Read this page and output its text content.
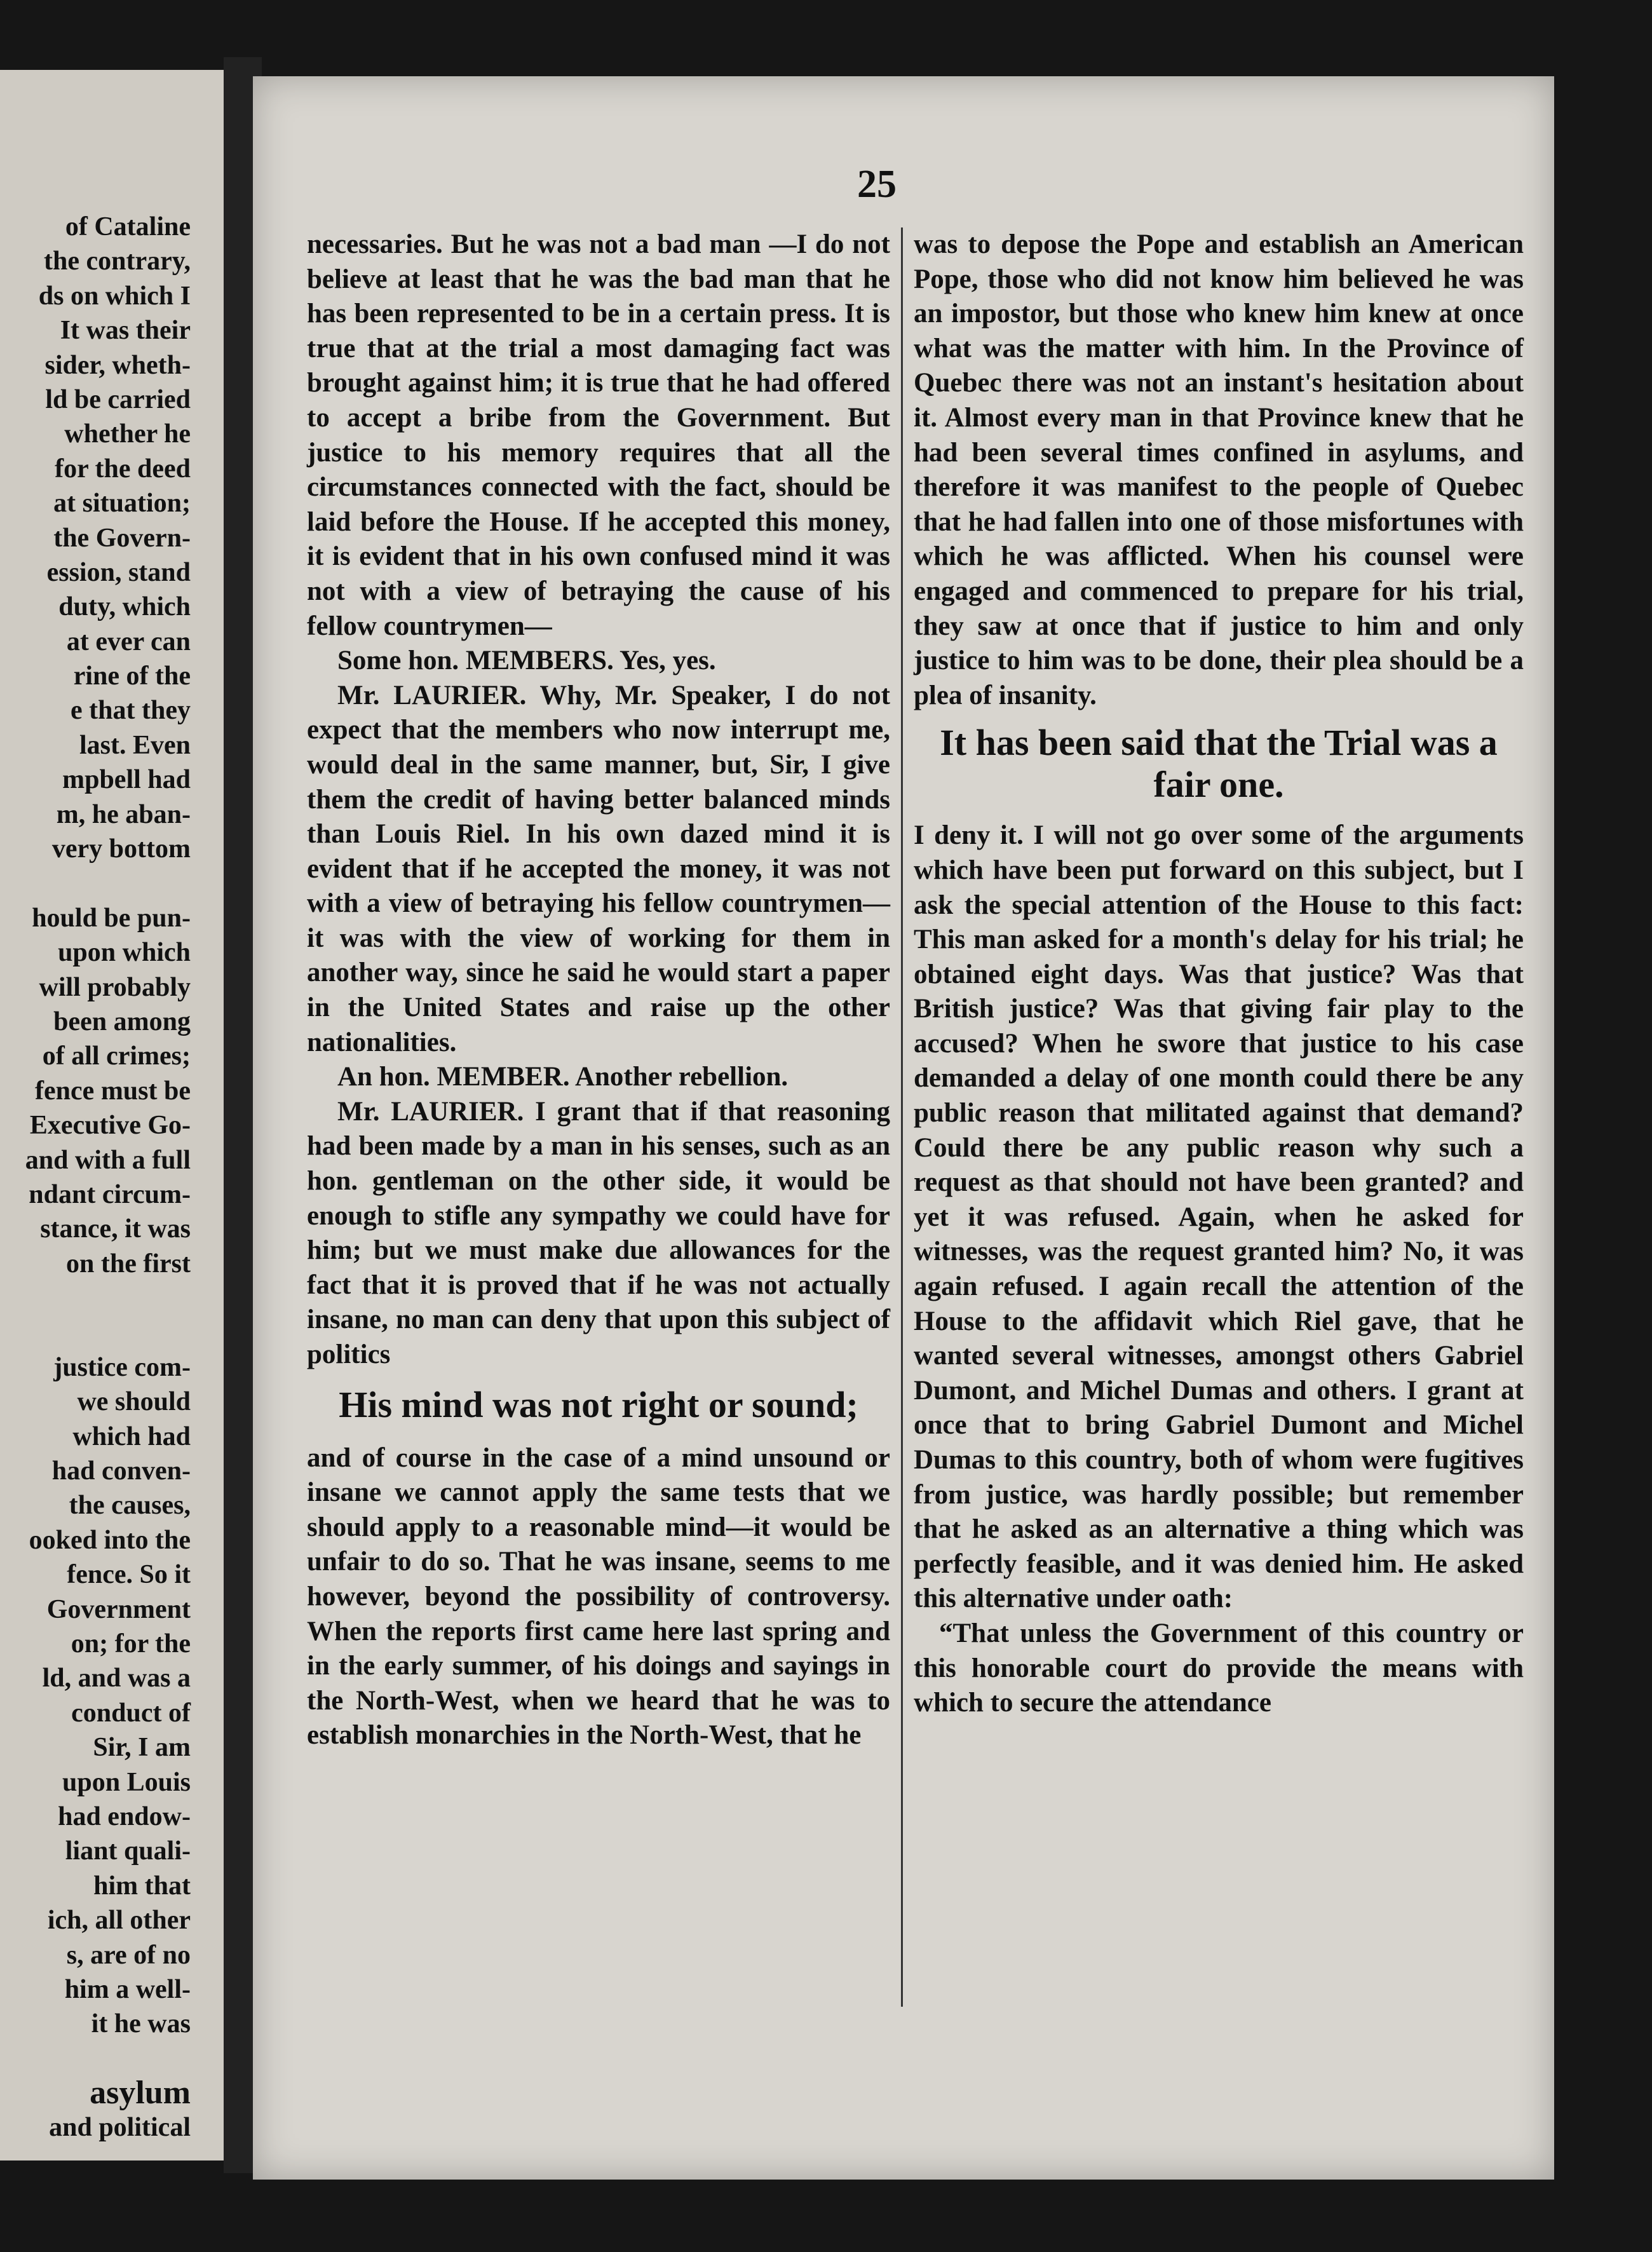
of Cataline
the contrary,
ds on which I
It was their
sider, wheth-
ld be carried
whether he
for the deed
at situation;
the Govern-
ession, stand
duty, which
at ever can
rine of the
e that they
last. Even
mpbell had
m, he aban-
very bottom
hould be pun-
upon which
will probably
been among
of all crimes;
fence must be
Executive Go-
and with a full
ndant circum-
stance, it was
on the first
justice com-
we should
which had
had conven-
the causes,
ooked into the
fence. So it
Government
on; for the
ld, and was a
conduct of
Sir, I am
upon Louis
had endow-
liant quali-
him that
ich, all other
s, are of no
him a well-
it he was
asylum
and political
25

necessaries. But he was not a bad man —I do not believe at least that he was the bad man that he has been represented to be in a certain press. It is true that at the trial a most damaging fact was brought against him; it is true that he had offered to accept a bribe from the Government. But justice to his memory requires that all the circumstances connected with the fact, should be laid before the House. If he accepted this money, it is evident that in his own confused mind it was not with a view of betraying the cause of his fellow countrymen—

Some hon. MEMBERS. Yes, yes.

Mr. LAURIER. Why, Mr. Speaker, I do not expect that the members who now interrupt me, would deal in the same manner, but, Sir, I give them the credit of having better balanced minds than Louis Riel. In his own dazed mind it is evident that if he accepted the money, it was not with a view of betraying his fellow countrymen—it was with the view of working for them in another way, since he said he would start a paper in the United States and raise up the other nationalities.

An hon. MEMBER. Another rebellion.

Mr. LAURIER. I grant that if that reasoning had been made by a man in his senses, such as an hon. gentleman on the other side, it would be enough to stifle any sympathy we could have for him; but we must make due allowances for the fact that it is proved that if he was not actually insane, no man can deny that upon this subject of politics

His mind was not right or sound;

and of course in the case of a mind unsound or insane we cannot apply the same tests that we should apply to a reasonable mind—it would be unfair to do so. That he was insane, seems to me however, beyond the possibility of controversy. When the reports first came here last spring and in the early summer, of his doings and sayings in the North-West, when we heard that he was to establish monarchies in the North-West, that he

was to depose the Pope and establish an American Pope, those who did not know him believed he was an impostor, but those who knew him knew at once what was the matter with him. In the Province of Quebec there was not an instant's hesitation about it. Almost every man in that Province knew that he had been several times confined in asylums, and therefore it was manifest to the people of Quebec that he had fallen into one of those misfortunes with which he was afflicted. When his counsel were engaged and commenced to prepare for his trial, they saw at once that if justice to him and only justice to him was to be done, their plea should be a plea of insanity.

It has been said that the Trial was a fair one.

I deny it. I will not go over some of the arguments which have been put forward on this subject, but I ask the special attention of the House to this fact: This man asked for a month's delay for his trial; he obtained eight days. Was that justice? Was that British justice? Was that giving fair play to the accused? When he swore that justice to his case demanded a delay of one month could there be any public reason that militated against that demand? Could there be any public reason why such a request as that should not have been granted? and yet it was refused. Again, when he asked for witnesses, was the request granted him? No, it was again refused. I again recall the attention of the House to the affidavit which Riel gave, that he wanted several witnesses, amongst others Gabriel Dumont, and Michel Dumas and others. I grant at once that to bring Gabriel Dumont and Michel Dumas to this country, both of whom were fugitives from justice, was hardly possible; but remember that he asked as an alternative a thing which was perfectly feasible, and it was denied him. He asked this alternative under oath:

“That unless the Government of this country or this honorable court do provide the means with which to secure the attendance
